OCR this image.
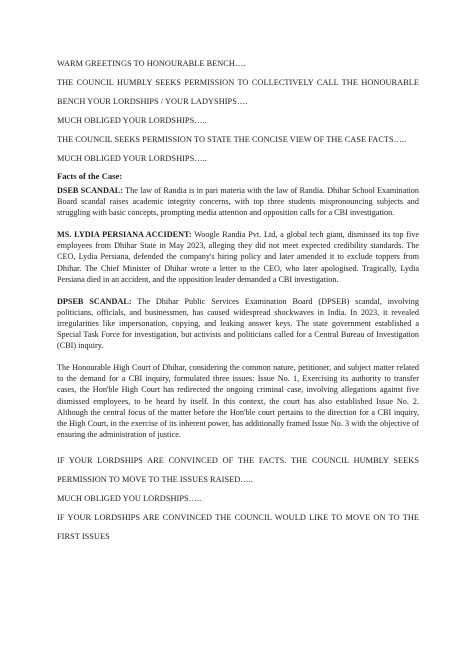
WARM GREETINGS TO HONOURABLE BENCH….

THE COUNCIL HUMBLY SEEKS PERMISSION TO COLLECTIVELY CALL THE HONOURABLE BENCH YOUR LORDSHIPS / YOUR LADYSHIPS….

MUCH OBLIGED YOUR LORDSHIPS…..

THE COUNCIL SEEKS PERMISSION TO STATE THE CONCISE VIEW OF THE CASE FACTS…..

MUCH OBLIGED YOUR LORDSHIPS…..

Facts of the Case:

DSEB SCANDAL: The law of Randia is in pari materia with the law of Randia. Dhihar School Examination Board scandal raises academic integrity concerns, with top three students mispronouncing subjects and struggling with basic concepts, prompting media attention and opposition calls for a CBI investigation.

MS. LYDIA PERSIANA ACCIDENT: Woogle Randia Pvt. Ltd, a global tech giant, dismissed its top five employees from Dhihar State in May 2023, alleging they did not meet expected credibility standards. The CEO, Lydia Persiana, defended the company's hiring policy and later amended it to exclude toppers from Dhihar. The Chief Minister of Dhihar wrote a letter to the CEO, who later apologised. Tragically, Lydia Persiana died in an accident, and the opposition leader demanded a CBI investigation.

DPSEB SCANDAL: The Dhihar Public Services Examination Board (DPSEB) scandal, involving politicians, officials, and businessmen, has caused widespread shockwaves in India. In 2023, it revealed irregularities like impersonation, copying, and leaking answer keys. The state government established a Special Task Force for investigation, but activists and politicians called for a Central Bureau of Investigation (CBI) inquiry.

The Honourable High Court of Dhihar, considering the common nature, petitioner, and subject matter related to the demand for a CBI inquiry, formulated three issues: Issue No. 1, Exercising its authority to transfer cases, the Hon'ble High Court has redirected the ongoing criminal case, involving allegations against five dismissed employees, to be heard by itself. In this context, the court has also established Issue No. 2. Although the central focus of the matter before the Hon'ble court pertains to the direction for a CBI inquiry, the High Court, in the exercise of its inherent power, has additionally framed Issue No. 3 with the objective of ensuring the administration of justice.

IF YOUR LORDSHIPS ARE CONVINCED OF THE FACTS. THE COUNCIL HUMBLY SEEKS PERMISSION TO MOVE TO THE ISSUES RAISED…..

MUCH OBLIGED YOU LORDSHIPS…..

IF YOUR LORDSHIPS ARE CONVINCED THE COUNCIL WOULD LIKE TO MOVE ON TO THE FIRST ISSUES
